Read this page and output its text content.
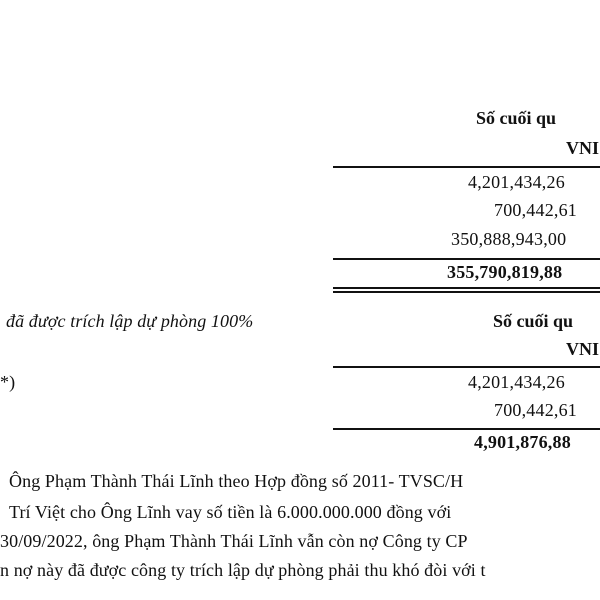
Số cuối qu
VNI
4,201,434,26
700,442,61
350,888,943,00
355,790,819,88
đã được trích lập dự phòng 100%	Số cuối qu
VNI
*)	4,201,434,26
700,442,61
4,901,876,88
Ông Phạm Thành Thái Lĩnh theo Hợp đồng số 2011- TVSC/H
Trí Việt cho Ông Lĩnh vay số tiền là 6.000.000.000 đồng với
30/09/2022, ông Phạm Thành Thái Lĩnh vẫn còn nợ Công ty CP
n nợ này đã được công ty trích lập dự phòng phải thu khó đòi với t
